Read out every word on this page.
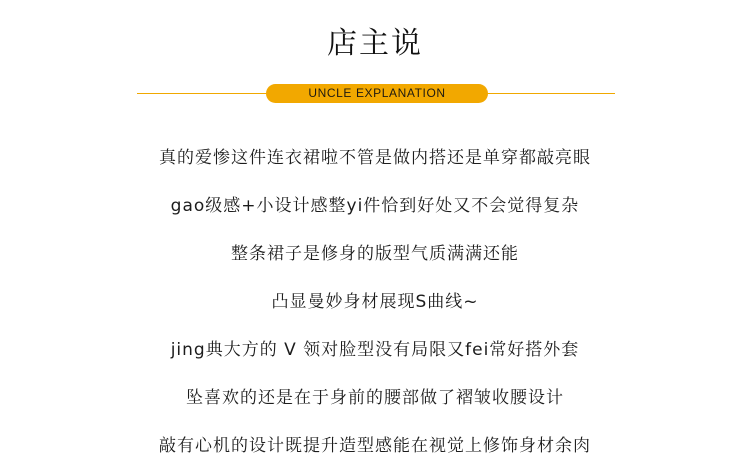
店主说
UNCLE EXPLANATION
真的爱惨这件连衣裙啦不管是做内搭还是单穿都敲亮眼
gao级感+小设计感整yi件恰到好处又不会觉得复杂
整条裙子是修身的版型气质满满还能
凸显曼妙身材展现S曲线~
jing典大方的 V 领对脸型没有局限又fei常好搭外套
坠喜欢的还是在于身前的腰部做了褶皱收腰设计
敲有心机的设计既提升造型感能在视觉上修饰身材余肉
